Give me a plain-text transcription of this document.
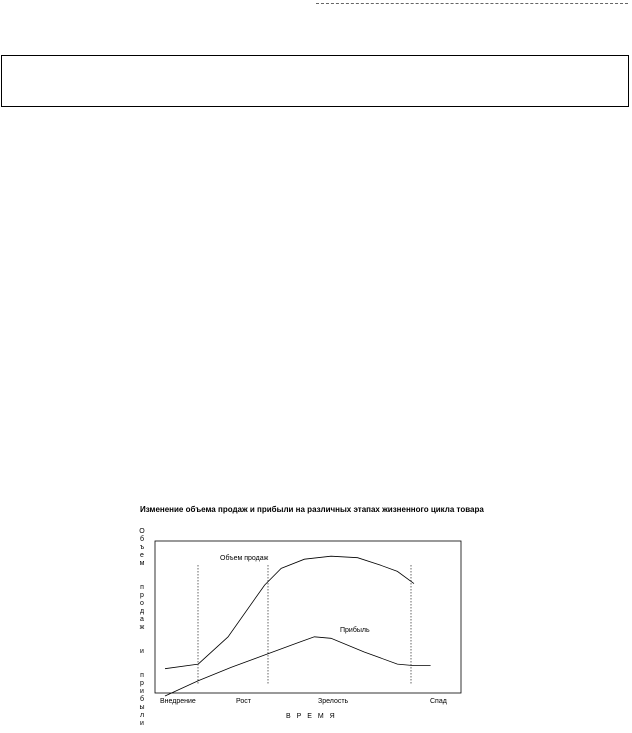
Изменение объема продаж и прибыли на различных этапах жизненного цикла товара
О
б
ъ
е
м

п
р
о
д
а
ж

и

п
р
и
б
ы
л
и
Внедрение	Рост	Зрелость	Спад
Объем продаж
Прибыль
В Р Е М Я
